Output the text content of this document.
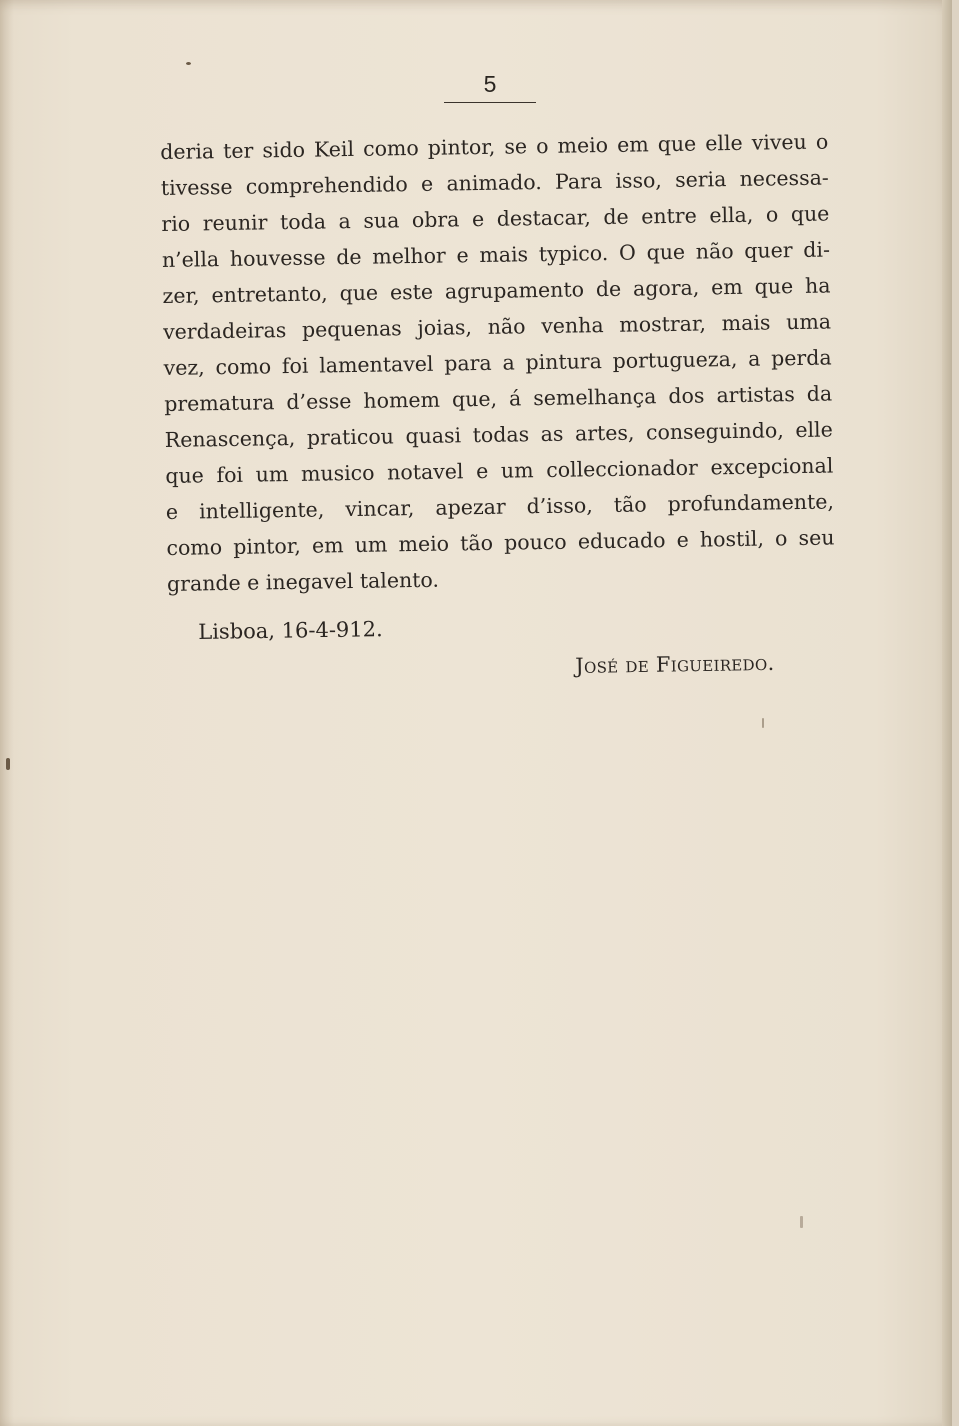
5
deria ter sido Keil como pintor, se o meio em que elle viveu o
tivesse comprehendido e animado. Para isso, seria necessa-
rio reunir toda a sua obra e destacar, de entre ella, o que
n’ella houvesse de melhor e mais typico. O que não quer di-
zer, entretanto, que este agrupamento de agora, em que ha
verdadeiras pequenas joias, não venha mostrar, mais uma
vez, como foi lamentavel para a pintura portugueza, a perda
prematura d’esse homem que, á semelhança dos artistas da
Renascença, praticou quasi todas as artes, conseguindo, elle
que foi um musico notavel e um colleccionador excepcional
e intelligente, vincar, apezar d’isso, tão profundamente,
como pintor, em um meio tão pouco educado e hostil, o seu
grande e inegavel talento.
Lisboa, 16-4-912.
José de Figueiredo.
